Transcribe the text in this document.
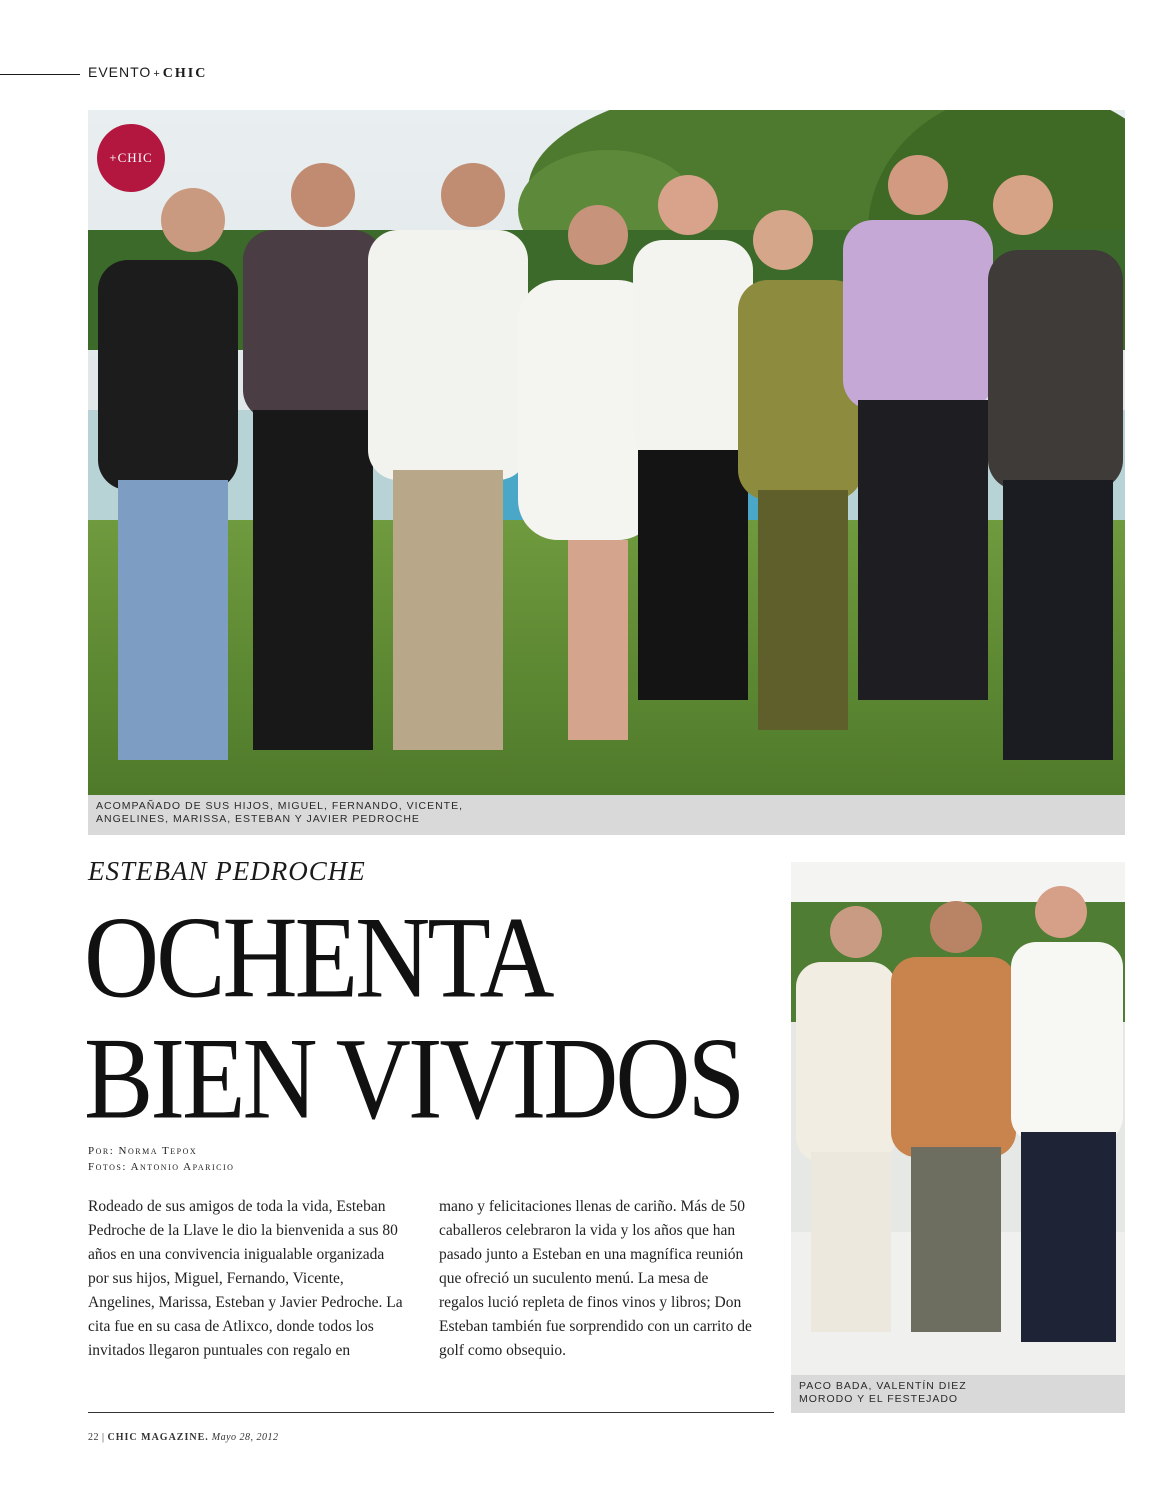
EVENTO + CHIC
+CHIC
ACOMPAÑADO DE SUS HIJOS, MIGUEL, FERNANDO, VICENTE,
ANGELINES, MARISSA, ESTEBAN Y JAVIER PEDROCHE
ESTEBAN PEDROCHE
OCHENTA
BIEN VIVIDOS
Por: Norma Tepox
Fotos: Antonio Aparicio
Rodeado de sus amigos de toda la vida, Esteban Pedroche de la Llave le dio la bienvenida a sus 80 años en una convivencia inigualable organizada por sus hijos, Miguel, Fernando, Vicente, Angelines, Marissa, Esteban y Javier Pedroche. La cita fue en su casa de Atlixco, donde todos los invitados llegaron puntuales con regalo en
mano y felicitaciones llenas de cariño. Más de 50 caballeros celebraron la vida y los años que han pasado junto a Esteban en una magnífica reunión que ofreció un suculento menú. La mesa de regalos lució repleta de finos vinos y libros; Don Esteban también fue sorprendido con un carrito de golf como obsequio.
PACO BADA, VALENTÍN DIEZ
MORODO Y EL FESTEJADO
22 | CHIC MAGAZINE. Mayo 28, 2012
